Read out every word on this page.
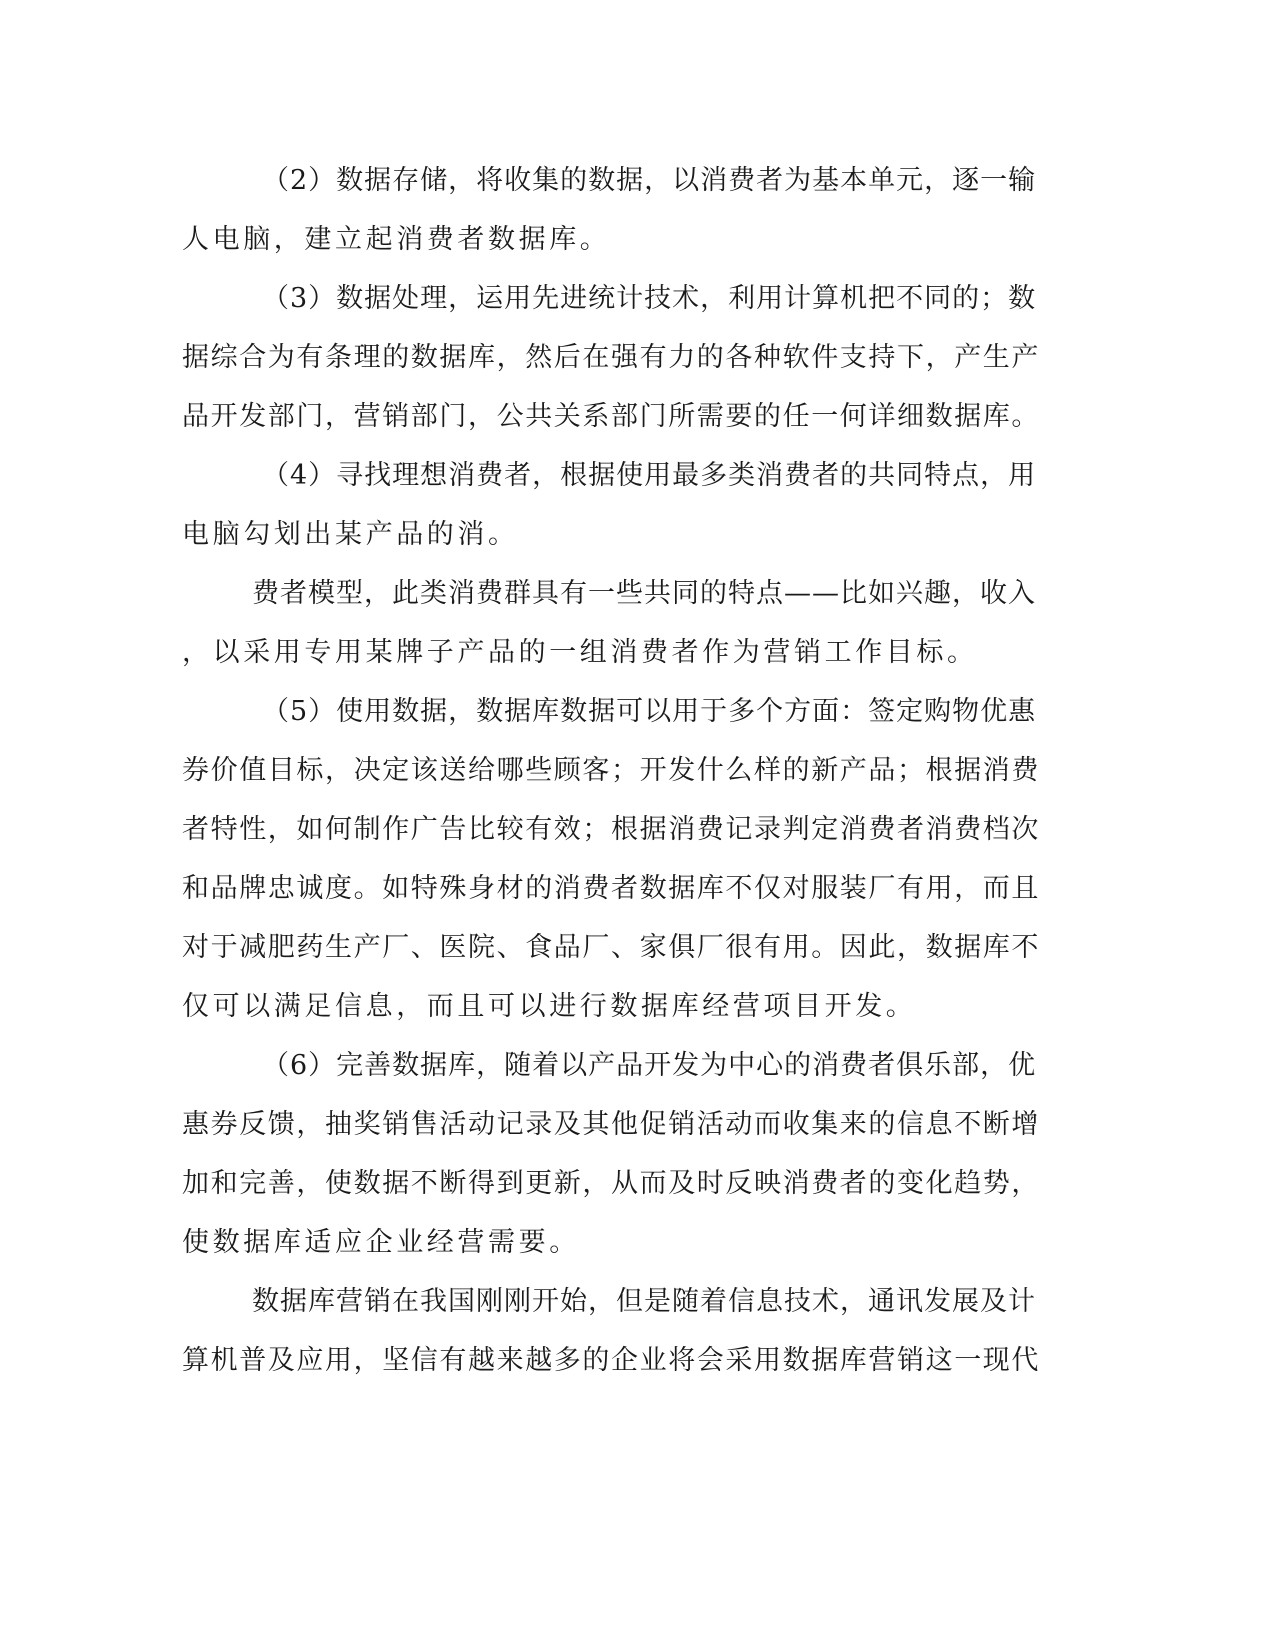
（2）数据存储，将收集的数据，以消费者为基本单元，逐一输
人电脑，建立起消费者数据库。
（3）数据处理，运用先进统计技术，利用计算机把不同的；数
据综合为有条理的数据库，然后在强有力的各种软件支持下，产生产
品开发部门，营销部门，公共关系部门所需要的任一何详细数据库。
（4）寻找理想消费者，根据使用最多类消费者的共同特点，用
电脑勾划出某产品的消。
费者模型，此类消费群具有一些共同的特点——比如兴趣，收入
，以采用专用某牌子产品的一组消费者作为营销工作目标。
（5）使用数据，数据库数据可以用于多个方面：签定购物优惠
券价值目标，决定该送给哪些顾客；开发什么样的新产品；根据消费
者特性，如何制作广告比较有效；根据消费记录判定消费者消费档次
和品牌忠诚度。如特殊身材的消费者数据库不仅对服装厂有用，而且
对于减肥药生产厂、医院、食品厂、家俱厂很有用。因此，数据库不
仅可以满足信息，而且可以进行数据库经营项目开发。
（6）完善数据库，随着以产品开发为中心的消费者俱乐部，优
惠券反馈，抽奖销售活动记录及其他促销活动而收集来的信息不断增
加和完善，使数据不断得到更新，从而及时反映消费者的变化趋势，
使数据库适应企业经营需要。
数据库营销在我国刚刚开始，但是随着信息技术，通讯发展及计
算机普及应用，坚信有越来越多的企业将会采用数据库营销这一现代
